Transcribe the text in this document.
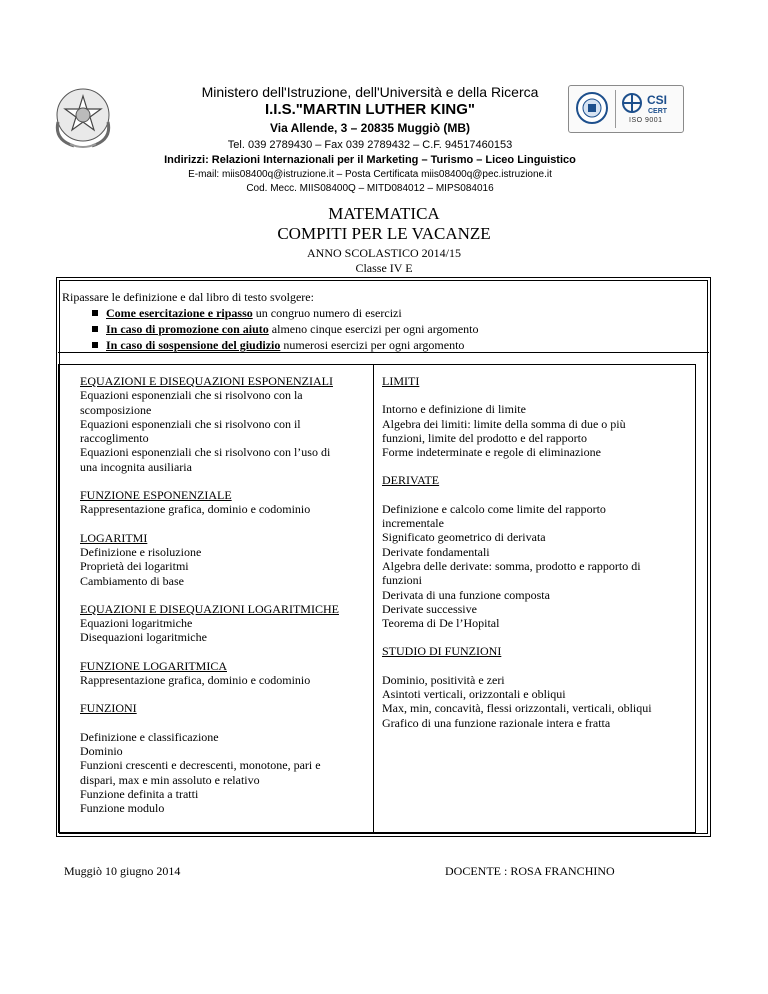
Ministero dell'Istruzione, dell'Università e della Ricerca
I.I.S."MARTIN LUTHER KING"
Via Allende, 3 – 20835 Muggiò (MB)
Tel. 039 2789430 – Fax 039 2789432 – C.F. 94517460153
Indirizzi: Relazioni Internazionali per il Marketing – Turismo – Liceo Linguistico
E-mail: miis08400q@istruzione.it – Posta Certificata miis08400q@pec.istruzione.it
Cod. Mecc. MIIS08400Q – MITD084012 – MIPS084016
CSI
CERT
ISO 9001
MATEMATICA
COMPITI PER LE VACANZE
ANNO SCOLASTICO 2014/15
Classe IV E
Ripassare le definizione e dal libro di testo svolgere:
Come esercitazione e ripasso un congruo numero di esercizi
In caso di promozione con aiuto almeno cinque esercizi per ogni argomento
In caso di sospensione del giudizio numerosi esercizi per ogni argomento
EQUAZIONI E DISEQUAZIONI ESPONENZIALI
Equazioni esponenziali che si risolvono con la
scomposizione
Equazioni esponenziali che si risolvono con il
raccoglimento
Equazioni esponenziali che si risolvono con l’uso di
una incognita ausiliaria
FUNZIONE ESPONENZIALE
Rappresentazione grafica, dominio e codominio
LOGARITMI
Definizione e risoluzione
Proprietà dei logaritmi
Cambiamento di base
EQUAZIONI E DISEQUAZIONI LOGARITMICHE
Equazioni logaritmiche
Disequazioni logaritmiche
FUNZIONE LOGARITMICA
Rappresentazione grafica, dominio e codominio
FUNZIONI
Definizione e classificazione
Dominio
Funzioni crescenti e decrescenti, monotone, pari e
dispari, max e min assoluto e relativo
Funzione definita a tratti
Funzione modulo
LIMITI
Intorno e definizione di limite
Algebra dei limiti: limite della somma di due o più
funzioni, limite del prodotto e del rapporto
Forme indeterminate e regole di eliminazione
DERIVATE
Definizione e calcolo come limite del rapporto
incrementale
Significato geometrico di derivata
Derivate fondamentali
Algebra delle derivate: somma, prodotto e rapporto di
funzioni
Derivata di una funzione composta
Derivate successive
Teorema di De l’Hopital
STUDIO DI FUNZIONI
Dominio, positività e zeri
Asintoti verticali, orizzontali e obliqui
Max, min, concavità, flessi orizzontali, verticali, obliqui
Grafico di una funzione razionale intera e fratta
Muggiò 10 giugno 2014	DOCENTE : ROSA FRANCHINO
